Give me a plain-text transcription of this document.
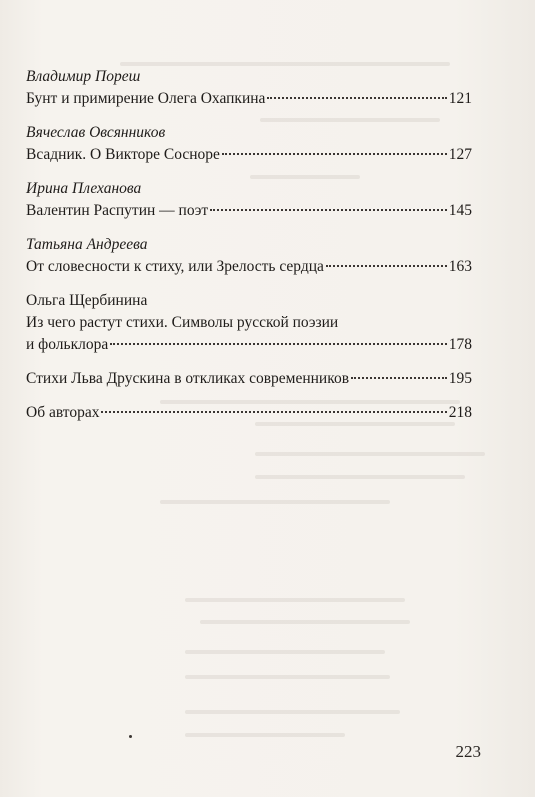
Владимир Пореш
Бунт и примирение Олега Охапкина	121
Вячеслав Овсянников
Всадник. О Викторе Сосноре	127
Ирина Плеханова
Валентин Распутин — поэт	145
Татьяна Андреева
От словесности к стиху, или Зрелость сердца	163
Ольга Щербинина
Из чего растут стихи. Символы русской поэзии
и фольклора	178
Стихи Льва Друскина в откликах современников	195
Об авторах	218
223
